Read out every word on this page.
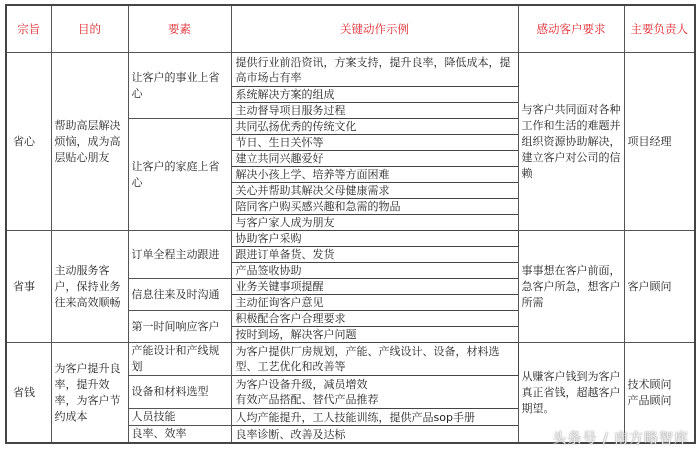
宗旨	目的	要素	关键动作示例	感动客户要求	主要负责人
省心	帮助高层解决烦恼，成为高层贴心朋友	让客户的事业上省心	提供行业前沿资讯，方案支持，提升良率，降低成本，提高市场占有率	与客户共同面对各种工作和生活的难题并组织资源协助解决，建立客户对公司的信赖	项目经理
			系统解决方案的组成		
			主动督导项目服务过程		
		让客户的家庭上省心	共同弘扬优秀的传统文化		
			节日、生日关怀等		
			建立共同兴趣爱好		
			解决小孩上学、培养等方面困难		
			关心并帮助其解决父母健康需求		
			陪同客户购买感兴趣和急需的物品		
			与客户家人成为朋友		
省事	主动服务客户，保持业务往来高效顺畅	订单全程主动跟进	协助客户采购	事事想在客户前面，急客户所急，想客户所需	客户顾问
			跟进订单备货、发货		
			产品签收协助		
		信息往来及时沟通	业务关键事项提醒		
			主动征询客户意见		
		第一时间响应客户	积极配合客户合理要求		
			按时到场，解决客户问题		
省钱	为客户提升良率，提升效率，为客户节约成本	产能设计和产线规划	为客户提供厂房规划，产能、产线设计、设备，材料选型、工艺优化和改善等	从赚客户钱到为客户真正省钱，超越客户期望。	技术顾问
产品顾问

		设备和材料选型	为客户设备升级，减员增效
有效产品搭配、替代产品推荐		

		人员技能	人均产能提升，工人技能训练，提供产品sop手册		
		良率、效率	良率诊断、改善及达标			头条号 / 南方略智库
